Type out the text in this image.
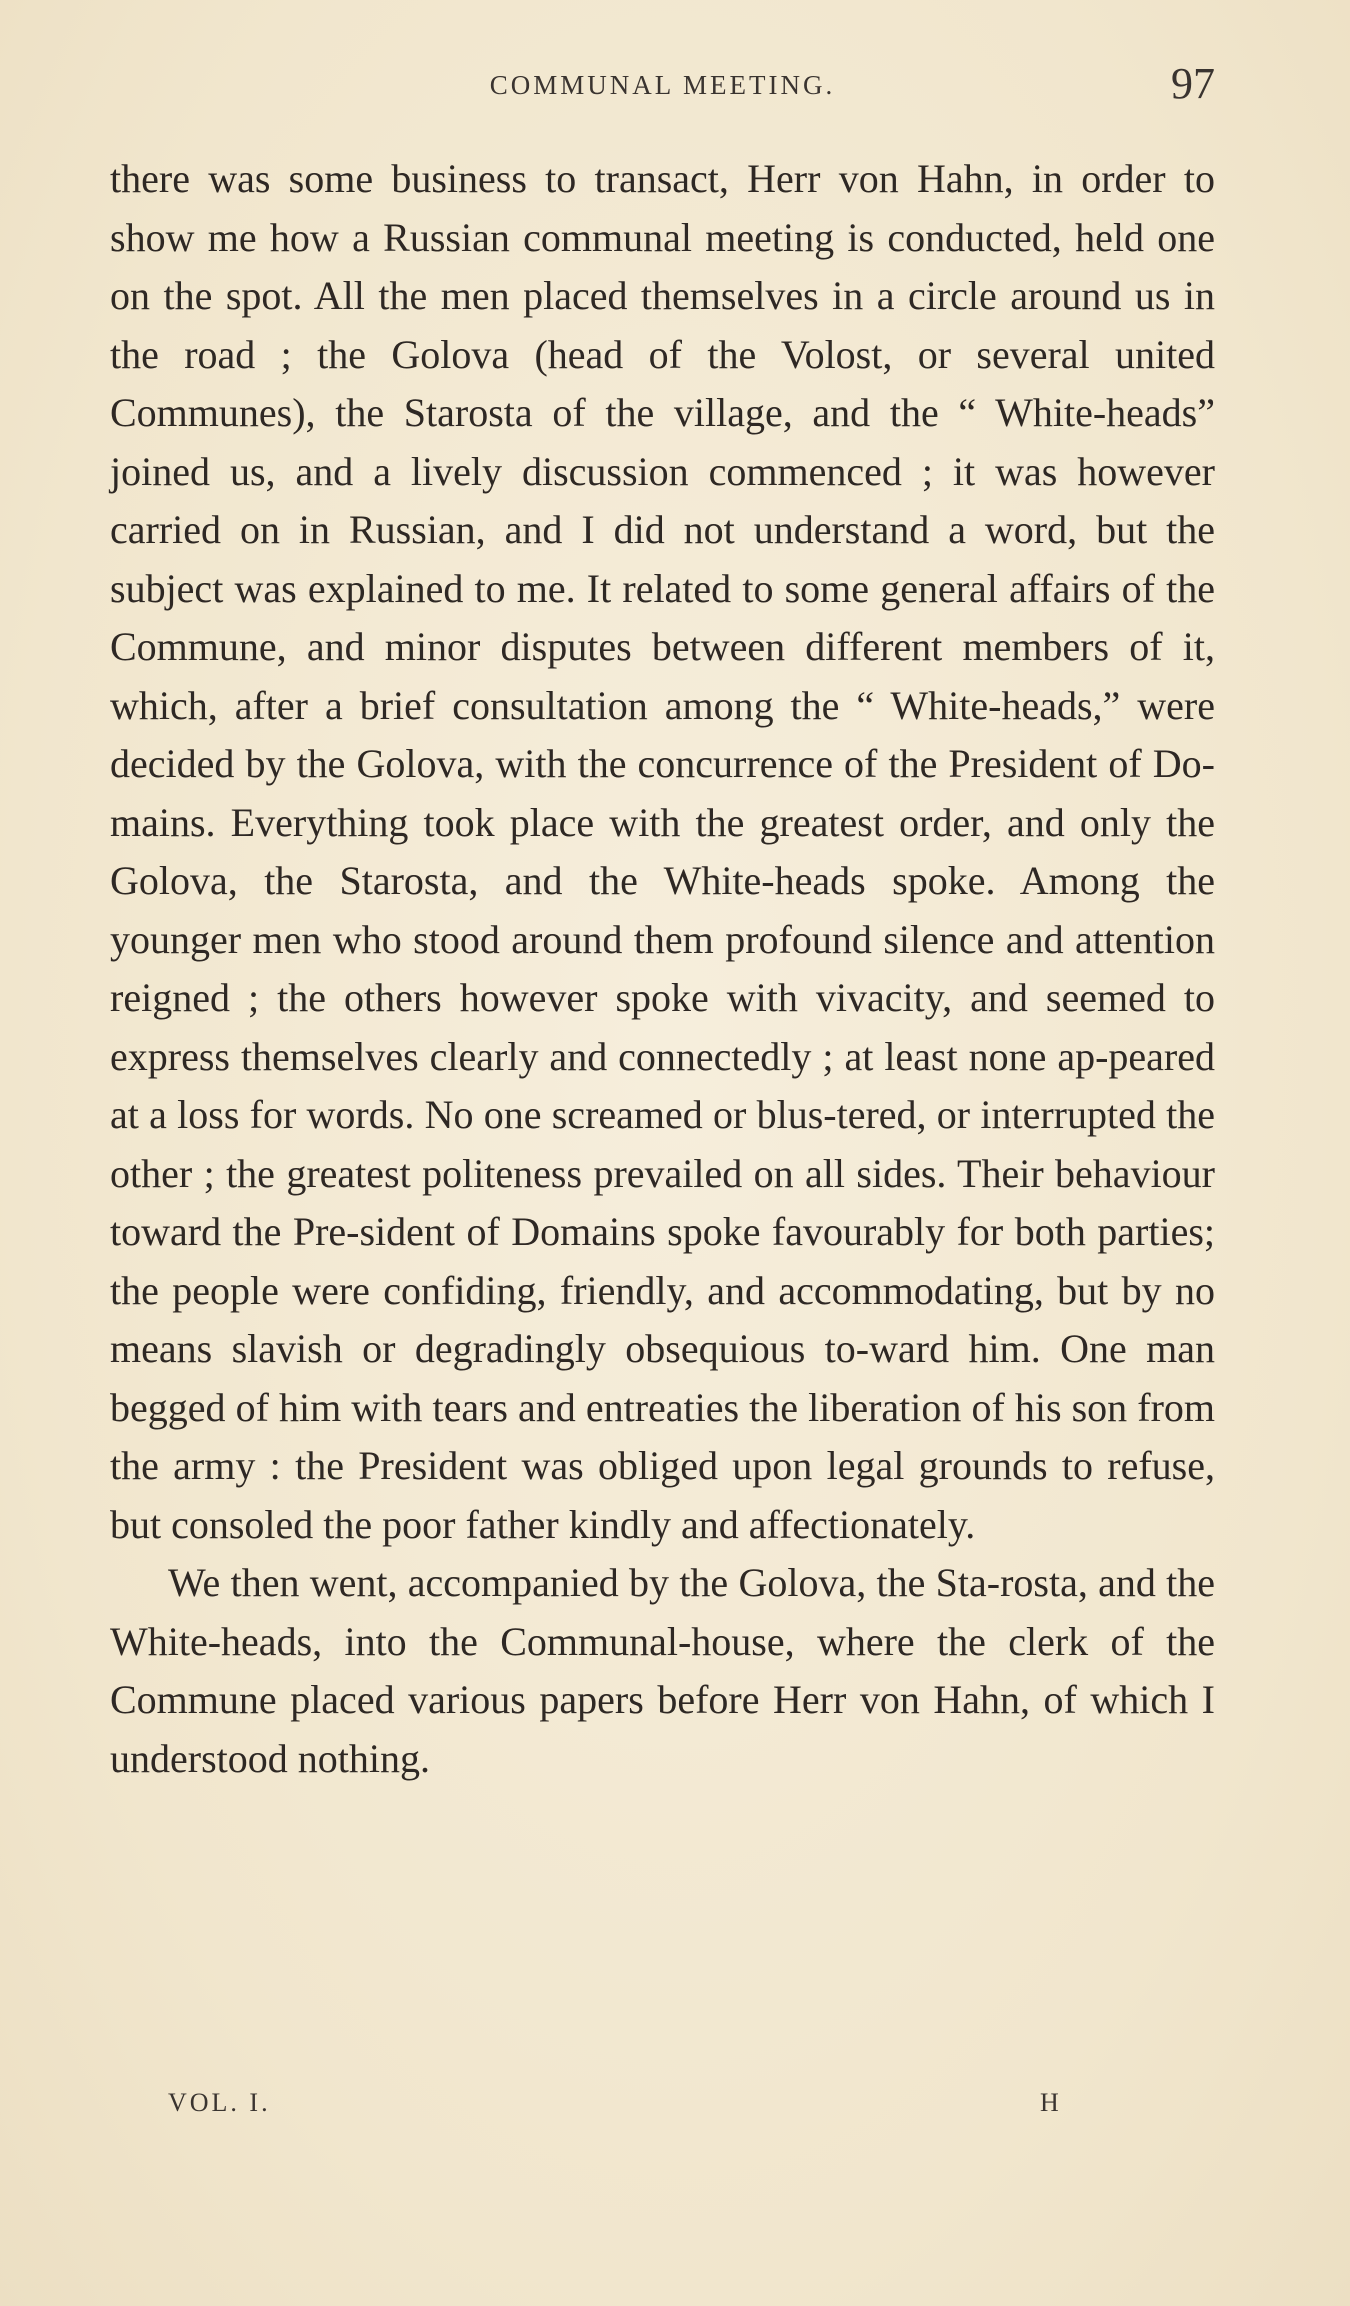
COMMUNAL MEETING.	97

there was some business to transact, Herr von Hahn, in order to show me how a Russian communal meeting is conducted, held one on the spot. All the men placed themselves in a circle around us in the road ; the Golova (head of the Volost, or several united Communes), the Starosta of the village, and the “ White-heads” joined us, and a lively discussion commenced ; it was however carried on in Russian, and I did not understand a word, but the subject was explained to me. It related to some general affairs of the Commune, and minor disputes between different members of it, which, after a brief consultation among the “ White-heads,” were decided by the Golova, with the concurrence of the President of Do-mains. Everything took place with the greatest order, and only the Golova, the Starosta, and the White-heads spoke. Among the younger men who stood around them profound silence and attention reigned ; the others however spoke with vivacity, and seemed to express themselves clearly and connectedly ; at least none ap-peared at a loss for words. No one screamed or blus-tered, or interrupted the other ; the greatest politeness prevailed on all sides. Their behaviour toward the Pre-sident of Domains spoke favourably for both parties; the people were confiding, friendly, and accommodating, but by no means slavish or degradingly obsequious to-ward him. One man begged of him with tears and entreaties the liberation of his son from the army : the President was obliged upon legal grounds to refuse, but consoled the poor father kindly and affectionately.

We then went, accompanied by the Golova, the Sta-rosta, and the White-heads, into the Communal-house, where the clerk of the Commune placed various papers before Herr von Hahn, of which I understood nothing.

VOL. I.	H
